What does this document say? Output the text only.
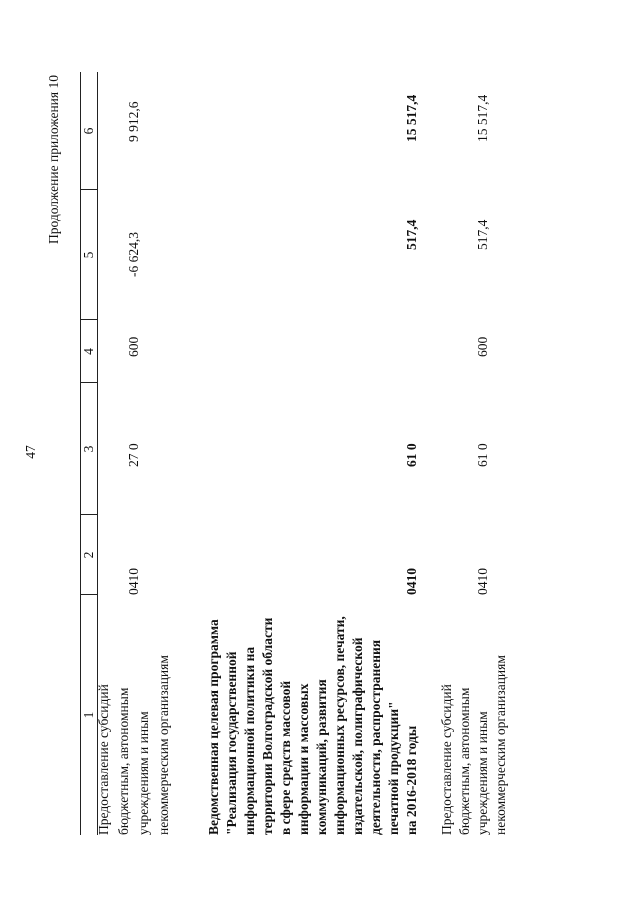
47
Продолжение приложения 10
1
2
3
4
5
6
Предоставление субсидий бюджетным, автономным учреждениям и иным некоммерческим организациям
0410
27 0
600
-6 624,3
9 912,6
Ведомственная целевая программа "Реализация государственной информационной политики на территории Волгоградской области в сфере средств массовой информации и массовых коммуникаций, развития информационных ресурсов, печати, издательской, полиграфической деятельности, распространения печатной продукции" на 2016-2018 годы
0410
61 0
517,4
15 517,4
Предоставление субсидий бюджетным, автономным учреждениям и иным некоммерческим организациям
0410
61 0
600
517,4
15 517,4
